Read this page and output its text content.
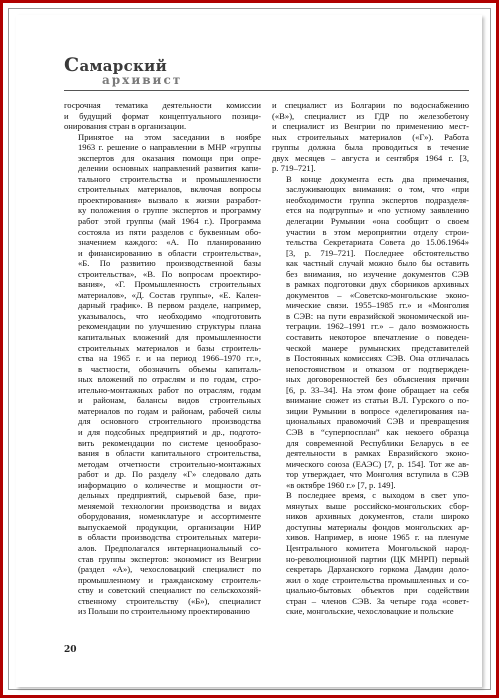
Самарский
архивист

госрочная тематика деятельности комиссии
и будущий формат концептуального позици-
онирования стран в организации.

Принятое на этом заседании в ноябре
1963 г. решение о направлении в МНР «группы
экспертов для оказания помощи при опре-
делении основных направлений развития капи-
тального строительства и промышленности
строительных материалов, включая вопросы
проектирования» вызвало к жизни разработ-
ку положения о группе экспертов и программу
работ этой группы (май 1964 г.). Программа
состояла из пяти разделов с буквенным обо-
значением каждого: «А. По планированию
и финансированию в области строительства»,
«Б. По развитию производственной базы
строительства», «В. По вопросам проектиро-
вания», «Г. Промышленность строительных
материалов», «Д. Состав группы», «Е. Кален-
дарный график». В первом разделе, например,
указывалось, что необходимо «подготовить
рекомендации по улучшению структуры плана
капитальных вложений для промышленности
строительных материалов и базы строитель-
ства на 1965 г. и на период 1966–1970 гг.»,
в частности, обозначить объемы капиталь-
ных вложений по отраслям и по годам, стро-
ительно-монтажных работ по отраслям, годам
и районам, балансы видов строительных
материалов по годам и районам, рабочей силы
для основного строительного производства
и для подсобных предприятий и др., подгото-
вить рекомендации по системе ценообразо-
вания в области капитального строительства,
методам отчетности строительно-монтажных
работ и др. По разделу «Г» следовало дать
информацию о количестве и мощности от-
дельных предприятий, сырьевой базе, при-
меняемой технологии производства и видах
оборудования, номенклатуре и ассортименте
выпускаемой продукции, организации НИР
в области производства строительных матери-
алов. Предполагался интернациональный со-
став группы экспертов: экономист из Венгрии
(раздел «А»), чехословацкий специалист по
промышленному и гражданскому строитель-
ству и советский специалист по сельскохозяй-
ственному строительству («Б»), специалист
из Польши по строительному проектированию

и специалист из Болгарии по водоснабжению
(«В»), специалист из ГДР по железобетону
и специалист из Венгрии по применению мест-
ных строительных материалов («Г»). Работа
группы должна была проводиться в течение
двух месяцев – августа и сентября 1964 г. [3,
р. 719–721].

В конце документа есть два примечания,
заслуживающих внимания: о том, что «при
необходимости группа экспертов подразделя-
ется на подгруппы» и «по устному заявлению
делегации Румынии «она сообщит о своем
участии в этом мероприятии отделу строи-
тельства Секретариата Совета до 15.06.1964»
[3, р. 719–721]. Последнее обстоятельство
как частный случай можно было бы оставить
без внимания, но изучение документов СЭВ
в рамках подготовки двух сборников архивных
документов – «Советско-монгольские эконо-
мические связи. 1955–1985 гг.» и «Монголия
в СЭВ: на пути евразийской экономической ин-
теграции. 1962–1991 гг.» – дало возможность
составить некоторое впечатление о поведен-
ческой манере румынских представителей
в Постоянных комиссиях СЭВ. Она отличалась
непостоянством и отказом от подтвержден-
ных договоренностей без объяснения причин
[6, р. 33–34]. На этом фоне обращает на себя
внимание сюжет из статьи В.Л. Гурского о по-
зиции Румынии в вопросе «делегирования на-
циональных правомочий СЭВ и превращения
СЭВ в “суперпосплан” как некоего образца
для современной Республики Беларусь в ее
деятельности в рамках Евразийского эконо-
мического союза (ЕАЭС) [7, р. 154]. Тот же ав-
тор утверждает, что Монголия вступила в СЭВ
«в октябре 1960 г.» [7, р. 149].

В последнее время, с выходом в свет упо-
мянутых выше российско-монгольских сбор-
ников архивных документов, стали широко
доступны материалы фондов монгольских ар-
хивов. Например, в июне 1965 г. на пленуме
Центрального комитета Монгольской народ-
но-революционной партии (ЦК МНРП) первый
секретарь Дарханского горкома Дамдин доло-
жил о ходе строительства промышленных и со-
циально-бытовых объектов при содействии
стран – членов СЭВ. За четыре года «совет-
ские, монгольские, чехословацкие и польские

20
